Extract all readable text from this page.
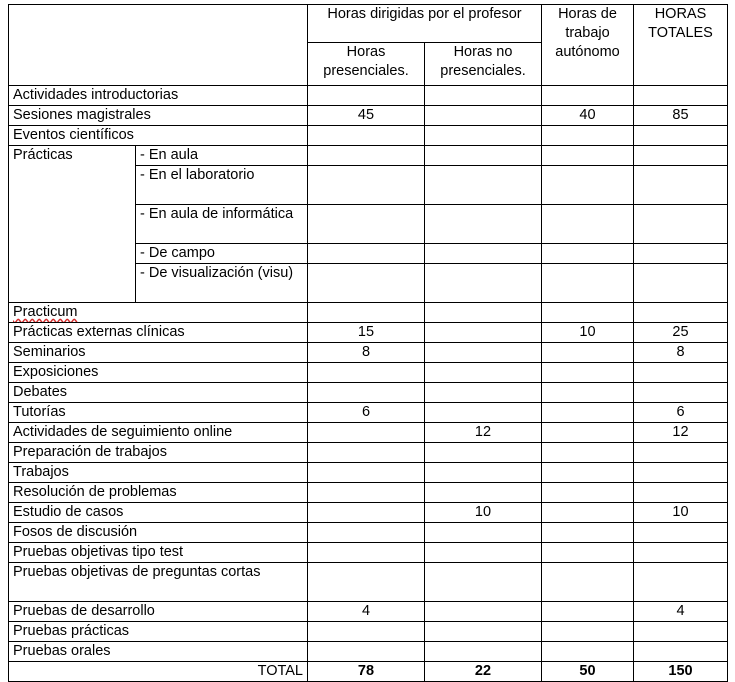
		Horas dirigidas por el profesor		Horas de trabajo autónomo	HORAS TOTALES
		Horas presenciales.	Horas no presenciales.		
Actividades introductorias					
Sesiones magistrales		45		40	85
Eventos científicos					
Prácticas	- En aula				
	- En el laboratorio				
	- En aula de informática				
	- De campo				
	- De visualización (visu)				
Practicum					
Prácticas externas clínicas		15		10	25
Seminarios		8			8
Exposiciones					
Debates					
Tutorías		6			6
Actividades de seguimiento online			12		12
Preparación de trabajos					
Trabajos					
Resolución de problemas					
Estudio de casos			10		10
Fosos de discusión					
Pruebas objetivas tipo test					
Pruebas objetivas de preguntas cortas					
Pruebas de desarrollo		4			4
Pruebas prácticas					
Pruebas orales					
TOTAL		78	22	50	150
